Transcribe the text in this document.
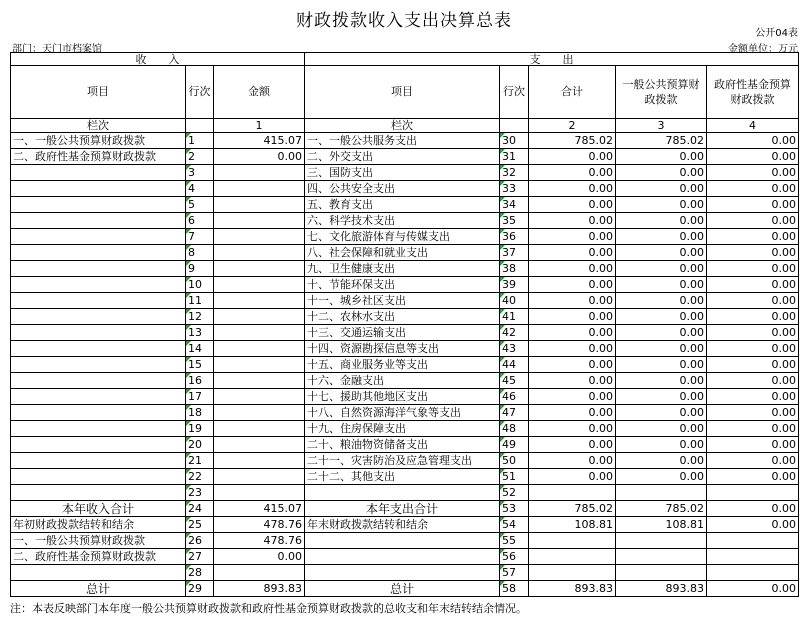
财政拨款收入支出决算总表
公开04表
部门：天门市档案馆	金额单位：万元
收　　入			支　　出				
项目	行次	金额	项目	行次	合计	一般公共预算财政拨款	政府性基金预算财政拨款
栏次		1	栏次		2	3	4
一、一般公共预算财政拨款	1	415.07	一、一般公共服务支出	30	785.02	785.02	0.00
二、政府性基金预算财政拨款	2	0.00	二、外交支出	31	0.00	0.00	0.00
	3		三、国防支出	32	0.00	0.00	0.00
	4		四、公共安全支出	33	0.00	0.00	0.00
	5		五、教育支出	34	0.00	0.00	0.00
	6		六、科学技术支出	35	0.00	0.00	0.00
	7		七、文化旅游体育与传媒支出	36	0.00	0.00	0.00
	8		八、社会保障和就业支出	37	0.00	0.00	0.00
	9		九、卫生健康支出	38	0.00	0.00	0.00
	10		十、节能环保支出	39	0.00	0.00	0.00
	11		十一、城乡社区支出	40	0.00	0.00	0.00
	12		十二、农林水支出	41	0.00	0.00	0.00
	13		十三、交通运输支出	42	0.00	0.00	0.00
	14		十四、资源勘探信息等支出	43	0.00	0.00	0.00
	15		十五、商业服务业等支出	44	0.00	0.00	0.00
	16		十六、金融支出	45	0.00	0.00	0.00
	17		十七、援助其他地区支出	46	0.00	0.00	0.00
	18		十八、自然资源海洋气象等支出	47	0.00	0.00	0.00
	19		十九、住房保障支出	48	0.00	0.00	0.00
	20		二十、粮油物资储备支出	49	0.00	0.00	0.00
	21		二十一、灾害防治及应急管理支出	50	0.00	0.00	0.00
	22		二十二、其他支出	51	0.00	0.00	0.00
	23			52			
本年收入合计	24	415.07	本年支出合计	53	785.02	785.02	0.00
年初财政拨款结转和结余	25	478.76	年末财政拨款结转和结余	54	108.81	108.81	0.00
一、一般公共预算财政拨款	26	478.76		55			
二、政府性基金预算财政拨款	27	0.00		56			
	28			57			
总计	29	893.83	总计	58	893.83	893.83	0.00
注：本表反映部门本年度一般公共预算财政拨款和政府性基金预算财政拨款的总收支和年末结转结余情况。
